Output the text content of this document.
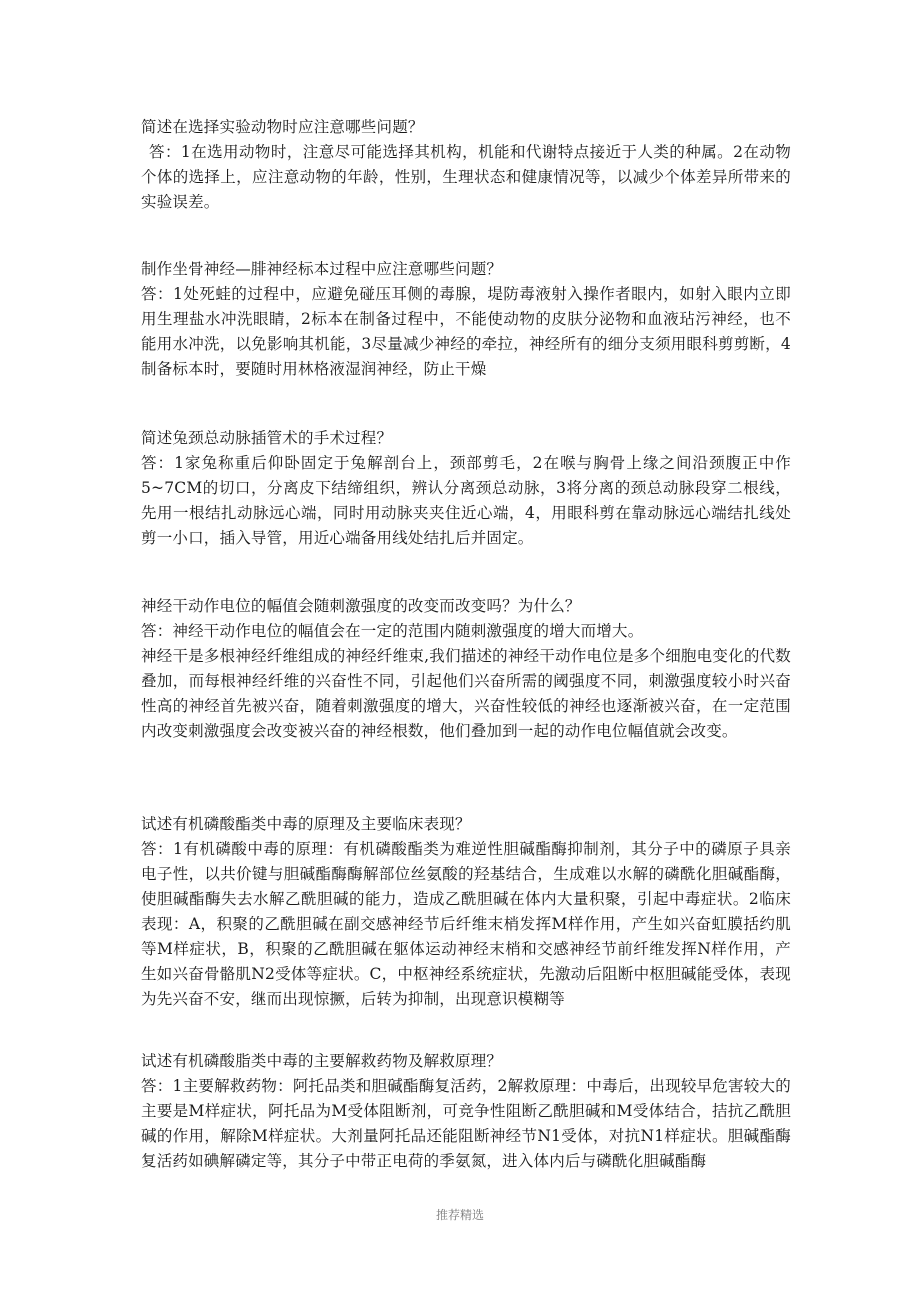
简述在选择实验动物时应注意哪些问题？

答：1在选用动物时，注意尽可能选择其机构，机能和代谢特点接近于人类的种属。2在动物个体的选择上，应注意动物的年龄，性别，生理状态和健康情况等，以减少个体差异所带来的实验误差。

制作坐骨神经—腓神经标本过程中应注意哪些问题？

答：1处死蛙的过程中，应避免碰压耳侧的毒腺，堤防毒液射入操作者眼内，如射入眼内立即用生理盐水冲洗眼睛，2标本在制备过程中，不能使动物的皮肤分泌物和血液玷污神经，也不能用水冲洗，以免影响其机能，3尽量减少神经的牵拉，神经所有的细分支须用眼科剪剪断，4制备标本时，要随时用林格液湿润神经，防止干燥

简述兔颈总动脉插管术的手术过程？

答：1家兔称重后仰卧固定于兔解剖台上，颈部剪毛，2在喉与胸骨上缘之间沿颈腹正中作5~7CM的切口，分离皮下结缔组织，辨认分离颈总动脉，3将分离的颈总动脉段穿二根线，先用一根结扎动脉远心端，同时用动脉夹夹住近心端，4，用眼科剪在靠动脉远心端结扎线处剪一小口，插入导管，用近心端备用线处结扎后并固定。

神经干动作电位的幅值会随刺激强度的改变而改变吗？为什么？

答：神经干动作电位的幅值会在一定的范围内随刺激强度的增大而增大。

神经干是多根神经纤维组成的神经纤维束,我们描述的神经干动作电位是多个细胞电变化的代数叠加，而每根神经纤维的兴奋性不同，引起他们兴奋所需的阈强度不同，刺激强度较小时兴奋性高的神经首先被兴奋，随着刺激强度的增大，兴奋性较低的神经也逐渐被兴奋，在一定范围内改变刺激强度会改变被兴奋的神经根数，他们叠加到一起的动作电位幅值就会改变。

试述有机磷酸酯类中毒的原理及主要临床表现？

答：1有机磷酸中毒的原理：有机磷酸酯类为难逆性胆碱酯酶抑制剂，其分子中的磷原子具亲电子性，以共价键与胆碱酯酶酶解部位丝氨酸的羟基结合，生成难以水解的磷酰化胆碱酯酶，使胆碱酯酶失去水解乙酰胆碱的能力，造成乙酰胆碱在体内大量积聚，引起中毒症状。2临床表现：A，积聚的乙酰胆碱在副交感神经节后纤维末梢发挥M样作用，产生如兴奋虹膜括约肌等M样症状，B，积聚的乙酰胆碱在躯体运动神经末梢和交感神经节前纤维发挥N样作用，产生如兴奋骨骼肌N2受体等症状。C，中枢神经系统症状，先激动后阻断中枢胆碱能受体，表现为先兴奋不安，继而出现惊撅，后转为抑制，出现意识模糊等

试述有机磷酸脂类中毒的主要解救药物及解救原理？

答：1主要解救药物：阿托品类和胆碱酯酶复活药，2解救原理：中毒后，出现较早危害较大的主要是M样症状，阿托品为M受体阻断剂，可竞争性阻断乙酰胆碱和M受体结合，拮抗乙酰胆碱的作用，解除M样症状。大剂量阿托品还能阻断神经节N1受体，对抗N1样症状。胆碱酯酶复活药如碘解磷定等，其分子中带正电荷的季氨氮，进入体内后与磷酰化胆碱酯酶

推荐精选
